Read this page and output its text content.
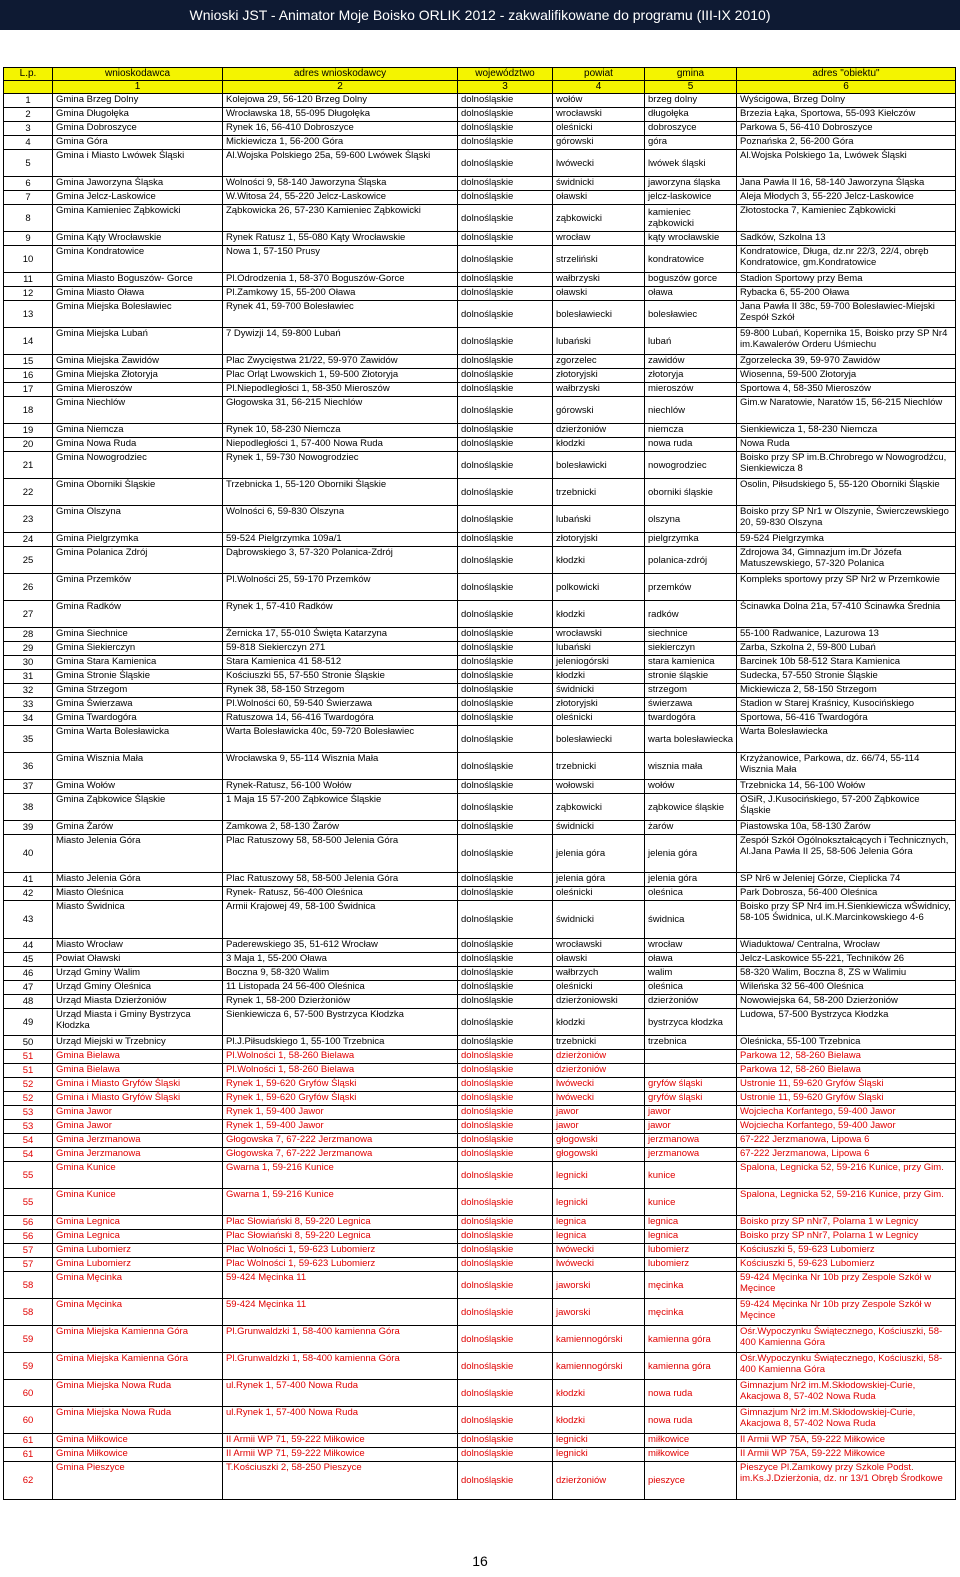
Wnioski JST - Animator Moje Boisko ORLIK 2012 - zakwalifikowane do programu (III-IX 2010)
L.p.	wnioskodawca	adres wnioskodawcy	województwo	powiat	gmina	adres "obiektu"
	1	2	3	4	5	6
1	Gmina Brzeg Dolny	Kolejowa 29, 56-120 Brzeg Dolny	dolnośląskie	wołów	brzeg dolny	Wyścigowa, Brzeg Dolny
2	Gmina Długołęka	Wrocławska 18, 55-095 Długołęka	dolnośląskie	wrocławski	długołęka	Brzezia Łąka, Sportowa, 55-093 Kiełczów
3	Gmina Dobroszyce	Rynek 16, 56-410 Dobroszyce	dolnośląskie	oleśnicki	dobroszyce	Parkowa 5, 56-410 Dobroszyce
4	Gmina Góra	Mickiewicza 1, 56-200 Góra	dolnośląskie	górowski	góra	Poznańska 2, 56-200 Góra
5	Gmina i Miasto Lwówek Śląski	Al.Wojska Polskiego 25a, 59-600 Lwówek Śląski	dolnośląskie	lwówecki	lwówek śląski	Al.Wojska Polskiego 1a, Lwówek Śląski
6	Gmina Jaworzyna Śląska	Wolności 9, 58-140 Jaworzyna Śląska	dolnośląskie	świdnicki	jaworzyna śląska	Jana Pawła II 16, 58-140 Jaworzyna Śląska
7	Gmina Jelcz-Laskowice	W.Witosa 24, 55-220 Jelcz-Laskowice	dolnośląskie	oławski	jelcz-laskowice	Aleja Młodych 3, 55-220 Jelcz-Laskowice
8	Gmina Kamieniec Ząbkowicki	Ząbkowicka 26, 57-230 Kamieniec Ząbkowicki	dolnośląskie	ząbkowicki	kamieniec ząbkowicki	Złotostocka 7, Kamieniec Ząbkowicki
9	Gmina Kąty Wrocławskie	Rynek Ratusz 1, 55-080 Kąty Wrocławskie	dolnośląskie	wrocław	kąty wrocławskie	Sadków, Szkolna 13
10	Gmina Kondratowice	Nowa 1, 57-150 Prusy	dolnośląskie	strzeliński	kondratowice	Kondratowice, Długa, dz.nr 22/3, 22/4, obręb Kondratowice, gm.Kondratowice
11	Gmina Miasto Boguszów- Gorce	Pl.Odrodzenia 1, 58-370 Boguszów-Gorce	dolnośląskie	wałbrzyski	boguszów gorce	Stadion Sportowy przy Bema
12	Gmina Miasto Oława	Pl.Zamkowy 15, 55-200 Oława	dolnośląskie	oławski	oława	Rybacka 6, 55-200 Oława
13	Gmina Miejska Bolesławiec	Rynek 41, 59-700 Bolesławiec	dolnośląskie	bolesławiecki	bolesławiec	Jana Pawła II 38c, 59-700 Bolesławiec-Miejski Zespół Szkół
14	Gmina Miejska Lubań	7 Dywizji 14, 59-800 Lubań	dolnośląskie	lubański	lubań	59-800 Lubań, Kopernika 15, Boisko przy SP Nr4 im.Kawalerów Orderu Uśmiechu
15	Gmina Miejska Zawidów	Plac Zwycięstwa 21/22, 59-970 Zawidów	dolnośląskie	zgorzelec	zawidów	Zgorzelecka 39, 59-970 Zawidów
16	Gmina Miejska Złotoryja	Plac Orląt Lwowskich 1, 59-500 Złotoryja	dolnośląskie	złotoryjski	złotoryja	Wiosenna, 59-500 Złotoryja
17	Gmina Mieroszów	Pl.Niepodległości 1, 58-350 Mieroszów	dolnośląskie	wałbrzyski	mieroszów	Sportowa 4, 58-350 Mieroszów
18	Gmina Niechlów	Głogowska 31, 56-215 Niechlów	dolnośląskie	górowski	niechlów	Gim.w Naratowie, Naratów 15, 56-215 Niechlów
19	Gmina Niemcza	Rynek 10, 58-230 Niemcza	dolnośląskie	dzierżoniów	niemcza	Sienkiewicza 1, 58-230 Niemcza
20	Gmina Nowa Ruda	Niepodległości 1, 57-400 Nowa Ruda	dolnośląskie	kłodzki	nowa ruda	Nowa Ruda
21	Gmina Nowogrodziec	Rynek 1, 59-730 Nowogrodziec	dolnośląskie	bolesławicki	nowogrodziec	Boisko przy SP im.B.Chrobrego w Nowogrodźcu, Sienkiewicza 8
22	Gmina Oborniki Śląskie	Trzebnicka 1, 55-120 Oborniki Śląskie	dolnośląskie	trzebnicki	oborniki śląskie	Osolin, Piłsudskiego 5, 55-120 Oborniki Śląskie
23	Gmina Olszyna	Wolności 6, 59-830 Olszyna	dolnośląskie	lubański	olszyna	Boisko przy SP Nr1 w Olszynie, Świerczewskiego 20, 59-830 Olszyna
24	Gmina Pielgrzymka	59-524 Pielgrzymka 109a/1	dolnośląskie	złotoryjski	pielgrzymka	59-524 Pielgrzymka
25	Gmina Polanica Zdrój	Dąbrowskiego 3, 57-320 Polanica-Zdrój	dolnośląskie	kłodzki	polanica-zdrój	Zdrojowa 34, Gimnazjum im.Dr Józefa Matuszewskiego, 57-320 Polanica
26	Gmina Przemków	Pl.Wolności 25, 59-170 Przemków	dolnośląskie	polkowicki	przemków	Kompleks sportowy przy SP Nr2 w Przemkowie
27	Gmina Radków	Rynek 1, 57-410 Radków	dolnośląskie	kłodzki	radków	Ścinawka Dolna 21a, 57-410 Ścinawka Średnia
28	Gmina Siechnice	Żernicka 17, 55-010 Święta Katarzyna	dolnośląskie	wrocławski	siechnice	55-100 Radwanice, Lazurowa 13
29	Gmina Siekierczyn	59-818 Siekierczyn 271	dolnośląskie	lubański	siekierczyn	Zarba, Szkolna 2, 59-800 Lubań
30	Gmina Stara Kamienica	Stara Kamienica 41 58-512	dolnośląskie	jeleniogórski	stara kamienica	Barcinek 10b 58-512 Stara Kamienica
31	Gmina Stronie Śląskie	Kościuszki 55, 57-550 Stronie Śląskie	dolnośląskie	kłodzki	stronie śląskie	Sudecka, 57-550 Stronie Śląskie
32	Gmina Strzegom	Rynek 38, 58-150 Strzegom	dolnośląskie	świdnicki	strzegom	Mickiewicza 2, 58-150 Strzegom
33	Gmina Świerzawa	Pl.Wolności 60, 59-540 Świerzawa	dolnośląskie	złotoryjski	świerzawa	Stadion w Starej Kraśnicy, Kusocińskiego
34	Gmina Twardogóra	Ratuszowa 14, 56-416 Twardogóra	dolnośląskie	oleśnicki	twardogóra	Sportowa, 56-416 Twardogóra
35	Gmina Warta Bolesławicka	Warta Bolesławicka 40c, 59-720 Bolesławiec	dolnośląskie	bolesławiecki	warta bolesławiecka	Warta Bolesławiecka
36	Gmina Wisznia Mała	Wrocławska 9, 55-114 Wisznia Mała	dolnośląskie	trzebnicki	wisznia mała	Krzyżanowice, Parkowa, dz. 66/74, 55-114 Wisznia Mała
37	Gmina Wołów	Rynek-Ratusz, 56-100 Wołów	dolnośląskie	wołowski	wołów	Trzebnicka 14, 56-100 Wołów
38	Gmina Ząbkowice Śląskie	1 Maja 15 57-200 Ząbkowice Śląskie	dolnośląskie	ząbkowicki	ząbkowice śląskie	OSiR, J.Kusocińskiego, 57-200 Ząbkowice Śląskie
39	Gmina Żarów	Zamkowa 2, 58-130 Żarów	dolnośląskie	świdnicki	żarów	Piastowska 10a, 58-130 Żarów
40	Miasto Jelenia Góra	Plac Ratuszowy 58, 58-500 Jelenia Góra	dolnośląskie	jelenia góra	jelenia góra	Zespół Szkół Ogólnokształcących i Technicznych, Al.Jana Pawła II 25, 58-506 Jelenia Góra
41	Miasto Jelenia Góra	Plac Ratuszowy 58, 58-500 Jelenia Góra	dolnośląskie	jelenia góra	jelenia góra	SP Nr6 w Jeleniej Górze, Cieplicka 74
42	Miasto Oleśnica	Rynek- Ratusz, 56-400 Oleśnica	dolnośląskie	oleśnicki	oleśnica	Park Dobrosza, 56-400 Oleśnica
43	Miasto Świdnica	Armii Krajowej 49, 58-100 Świdnica	dolnośląskie	świdnicki	świdnica	Boisko przy SP Nr4 im.H.Sienkiewicza wŚwidnicy, 58-105 Świdnica, ul.K.Marcinkowskiego 4-6
44	Miasto Wrocław	Paderewskiego 35, 51-612 Wrocław	dolnośląskie	wrocławski	wrocław	Wiaduktowa/ Centralna, Wrocław
45	Powiat Oławski	3 Maja 1, 55-200 Oława	dolnośląskie	oławski	oława	Jelcz-Laskowice 55-221, Techników 26
46	Urząd Gminy Walim	Boczna 9, 58-320 Walim	dolnośląskie	wałbrzych	walim	58-320 Walim, Boczna 8, ZS w Walimiu
47	Urząd Gminy Oleśnica	11 Listopada 24 56-400 Oleśnica	dolnośląskie	oleśnicki	oleśnica	Wileńska 32 56-400 Oleśnica
48	Urząd Miasta Dzierżoniów	Rynek 1, 58-200 Dzierżoniów	dolnośląskie	dzierżoniowski	dzierżoniów	Nowowiejska 64, 58-200 Dzierżoniów
49	Urząd Miasta i Gminy Bystrzyca Kłodzka	Sienkiewicza 6, 57-500 Bystrzyca Kłodzka	dolnośląskie	kłodzki	bystrzyca kłodzka	Ludowa, 57-500 Bystrzyca Kłodzka
50	Urząd Miejski w Trzebnicy	Pl.J.Piłsudskiego 1, 55-100 Trzebnica	dolnośląskie	trzebnicki	trzebnica	Oleśnicka, 55-100 Trzebnica
51	Gmina Bielawa	Pl.Wolności 1, 58-260 Bielawa	dolnośląskie	dzierżoniów		Parkowa 12, 58-260 Bielawa
51	Gmina Bielawa	Pl.Wolności 1, 58-260 Bielawa	dolnośląskie	dzierżoniów		Parkowa 12, 58-260 Bielawa
52	Gmina i Miasto Gryfów Śląski	Rynek 1, 59-620 Gryfów Śląski	dolnośląskie	lwówecki	gryfów śląski	Ustronie 11, 59-620 Gryfów Śląski
52	Gmina i Miasto Gryfów Śląski	Rynek 1, 59-620 Gryfów Śląski	dolnośląskie	lwówecki	gryfów śląski	Ustronie 11, 59-620 Gryfów Śląski
53	Gmina Jawor	Rynek 1, 59-400 Jawor	dolnośląskie	jawor	jawor	Wojciecha Korfantego, 59-400 Jawor
53	Gmina Jawor	Rynek 1, 59-400 Jawor	dolnośląskie	jawor	jawor	Wojciecha Korfantego, 59-400 Jawor
54	Gmina Jerzmanowa	Głogowska 7, 67-222 Jerzmanowa	dolnośląskie	głogowski	jerzmanowa	67-222 Jerzmanowa, Lipowa 6
54	Gmina Jerzmanowa	Głogowska 7, 67-222 Jerzmanowa	dolnośląskie	głogowski	jerzmanowa	67-222 Jerzmanowa, Lipowa 6
55	Gmina Kunice	Gwarna 1, 59-216 Kunice	dolnośląskie	legnicki	kunice	Spalona, Legnicka 52, 59-216 Kunice, przy Gim.
55	Gmina Kunice	Gwarna 1, 59-216 Kunice	dolnośląskie	legnicki	kunice	Spalona, Legnicka 52, 59-216 Kunice, przy Gim.
56	Gmina Legnica	Plac Słowiański 8, 59-220 Legnica	dolnośląskie	legnica	legnica	Boisko przy SP nNr7, Polarna 1 w Legnicy
56	Gmina Legnica	Plac Słowiański 8, 59-220 Legnica	dolnośląskie	legnica	legnica	Boisko przy SP nNr7, Polarna 1 w Legnicy
57	Gmina Lubomierz	Plac Wolności 1, 59-623 Lubomierz	dolnośląskie	lwówecki	lubomierz	Kościuszki 5, 59-623 Lubomierz
57	Gmina Lubomierz	Plac Wolności 1, 59-623 Lubomierz	dolnośląskie	lwówecki	lubomierz	Kościuszki 5, 59-623 Lubomierz
58	Gmina Męcinka	59-424 Męcinka 11	dolnośląskie	jaworski	męcinka	59-424 Męcinka Nr 10b przy Zespole Szkół w Męcince
58	Gmina Męcinka	59-424 Męcinka 11	dolnośląskie	jaworski	męcinka	59-424 Męcinka Nr 10b przy Zespole Szkół w Męcince
59	Gmina Miejska Kamienna Góra	Pl.Grunwaldzki 1, 58-400 kamienna Góra	dolnośląskie	kamiennogórski	kamienna góra	Ośr.Wypoczynku Świątecznego, Kościuszki, 58-400 Kamienna Góra
59	Gmina Miejska Kamienna Góra	Pl.Grunwaldzki 1, 58-400 kamienna Góra	dolnośląskie	kamiennogórski	kamienna góra	Ośr.Wypoczynku Świątecznego, Kościuszki, 58-400 Kamienna Góra
60	Gmina Miejska Nowa Ruda	ul.Rynek 1, 57-400 Nowa Ruda	dolnośląskie	kłodzki	nowa ruda	Gimnazjum Nr2 im.M.Skłodowskiej-Curie, Akacjowa 8, 57-402 Nowa Ruda
60	Gmina Miejska Nowa Ruda	ul.Rynek 1, 57-400 Nowa Ruda	dolnośląskie	kłodzki	nowa ruda	Gimnazjum Nr2 im.M.Skłodowskiej-Curie, Akacjowa 8, 57-402 Nowa Ruda
61	Gmina Miłkowice	II Armii WP 71, 59-222 Miłkowice	dolnośląskie	legnicki	miłkowice	II Armii WP 75A, 59-222 Miłkowice
61	Gmina Miłkowice	II Armii WP 71, 59-222 Miłkowice	dolnośląskie	legnicki	miłkowice	II Armii WP 75A, 59-222 Miłkowice
62	Gmina Pieszyce	T.Kościuszki 2, 58-250 Pieszyce	dolnośląskie	dzierżoniów	pieszyce	Pieszyce Pl.Zamkowy przy Szkole Podst. im.Ks.J.Dzierżonia, dz. nr 13/1 Obręb Środkowe
16
